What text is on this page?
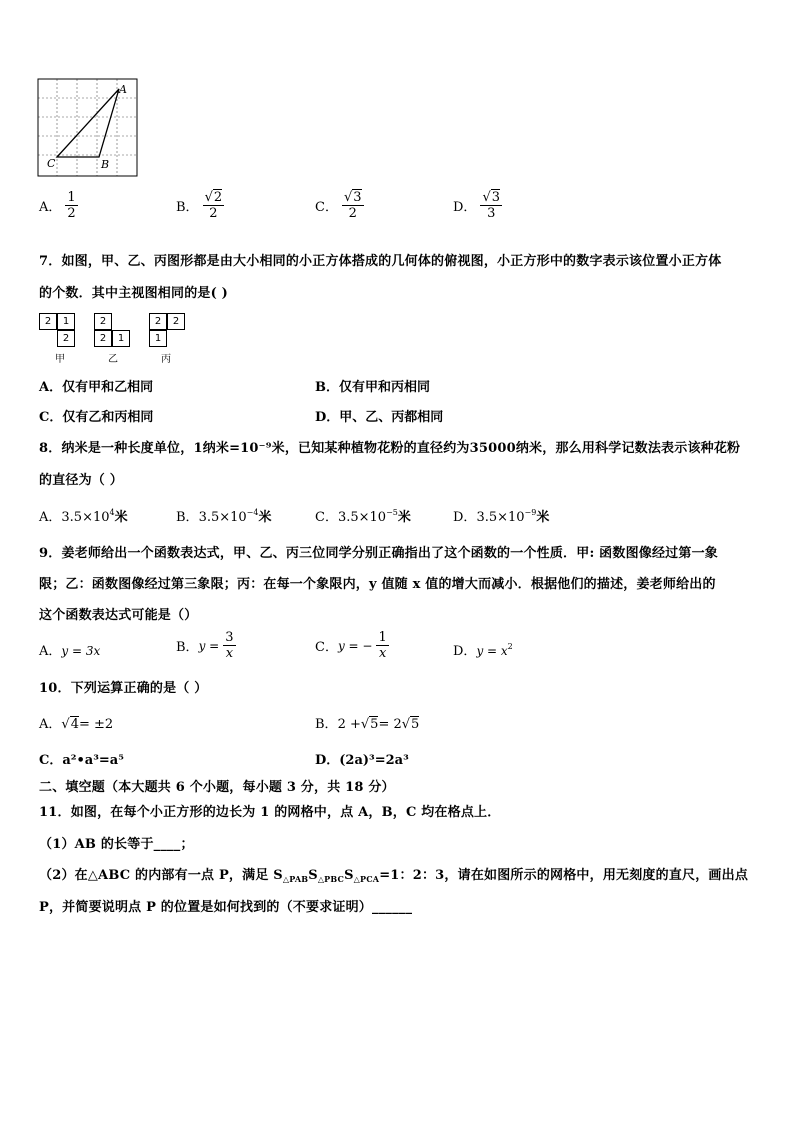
A
C	B
A． $\frac{1}{2}$	B． $\frac{√2}{2}$	C． $\frac{√3}{2}$	D． $\frac{√3}{3}$
7．如图，甲、乙、丙图形都是由大小相同的小正方体搭成的几何体的俯视图，小正方形中的数字表示该位置小正方体
的个数．其中主视图相同的是( )
2	1
2
甲
2
2	1
乙
2	2
1
丙
A．仅有甲和乙相同	B．仅有甲和丙相同
C．仅有乙和丙相同	D．甲、乙、丙都相同
8．纳米是一种长度单位，1纳米=10⁻⁹米，已知某种植物花粉的直径约为35000纳米，那么用科学记数法表示该种花粉
的直径为（ ）
A．$3.5\times 10^4$米	B．$3.5\times 10^{-4}$米	C．$3.5\times 10^{-5}$米	D．$3.5\times 10^{-9}$米
9．姜老师给出一个函数表达式，甲、乙、丙三位同学分别正确指出了这个函数的一个性质．甲: 函数图像经过第一象
限；乙：函数图像经过第三象限；丙：在每一个象限内，y 值随 x 值的增大而减小．根据他们的描述，姜老师给出的
这个函数表达式可能是（）
A．y = 3x	B． $y = \frac{3}{x}$	C． y = − $\frac{1}{x}$	D．$y = x^2$
10．下列运算正确的是（ ）
A．√4= ±2	B．2 +√5= 2√5
C．a²•a³=a⁵	D．(2a)³=2a³
二、填空题（本大题共 6 个小题，每小题 3 分，共 18 分）
11．如图，在每个小正方形的边长为 1 的网格中，点 A，B，C 均在格点上．
（1）AB 的长等于____；
（2）在△ABC 的内部有一点 P，满足 $S_{\triangle PAB}S_{\triangle PBC}S_{\triangle PCA}=1$：2：3，请在如图所示的网格中，用无刻度的直尺，画出点
P，并简要说明点 P 的位置是如何找到的（不要求证明）______
